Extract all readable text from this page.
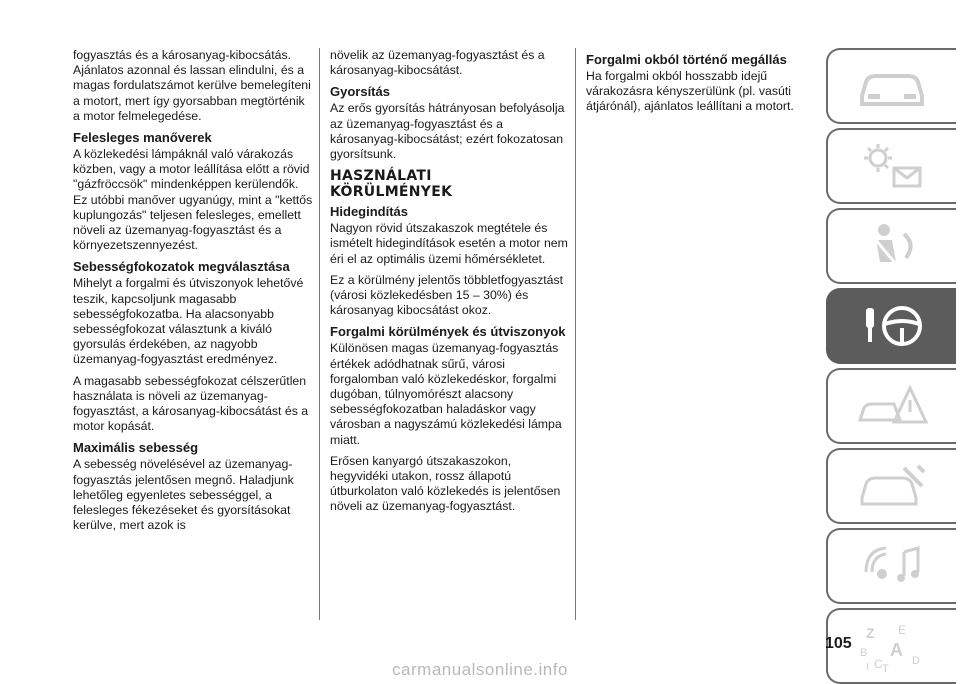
fogyasztás és a károsanyag-kibocsátás. Ajánlatos azonnal és lassan elindulni, és a magas fordulatszámot kerülve bemelegíteni a motort, mert így gyorsabban megtörténik a motor felmelegedése.

Felesleges manőverek

A közlekedési lámpáknál való várakozás közben, vagy a motor leállítása előtt a rövid "gázfröccsök" mindenképpen kerülendők. Ez utóbbi manőver ugyanúgy, mint a "kettős kuplungozás" teljesen felesleges, emellett növeli az üzemanyag-fogyasztást és a környezetszennyezést.

Sebességfokozatok megválasztása

Mihelyt a forgalmi és útviszonyok lehetővé teszik, kapcsoljunk magasabb sebességfokozatba. Ha alacsonyabb sebességfokozat választunk a kiváló gyorsulás érdekében, az nagyobb üzemanyag-fogyasztást eredményez.

A magasabb sebességfokozat célszerűtlen használata is növeli az üzemanyag-fogyasztást, a károsanyag-kibocsátást és a motor kopását.

Maximális sebesség

A sebesség növelésével az üzemanyag-fogyasztás jelentősen megnő. Haladjunk lehetőleg egyenletes sebességgel, a felesleges fékezéseket és gyorsításokat kerülve, mert azok is

növelik az üzemanyag-fogyasztást és a károsanyag-kibocsátást.

Gyorsítás

Az erős gyorsítás hátrányosan befolyásolja az üzemanyag-fogyasztást és a károsanyag-kibocsátást; ezért fokozatosan gyorsítsunk.

HASZNÁLATI
KÖRÜLMÉNYEK
Hidegindítás

Nagyon rövid útszakaszok megtétele és ismételt hidegindítások esetén a motor nem éri el az optimális üzemi hőmérsékletet.

Ez a körülmény jelentős többletfogyasztást (városi közlekedésben 15 – 30%) és károsanyag kibocsátást okoz.

Forgalmi körülmények és útviszonyok

Különösen magas üzemanyag-fogyasztás értékek adódhatnak sűrű, városi forgalomban való közlekedéskor, forgalmi dugóban, túlnyomórészt alacsony sebességfokozatban haladáskor vagy városban a nagyszámú közlekedési lámpa miatt.

Erősen kanyargó útszakaszokon, hegyvidéki utakon, rossz állapotú útburkolaton való közlekedés is jelentősen növeli az üzemanyag-fogyasztást.

Forgalmi okból történő megállás

Ha forgalmi okból hosszabb idejű várakozásra kényszerülünk (pl. vasúti átjárónál), ajánlatos leállítani a motort.

Z E
B A
C T
D
I
105
carmanualsonline.info
